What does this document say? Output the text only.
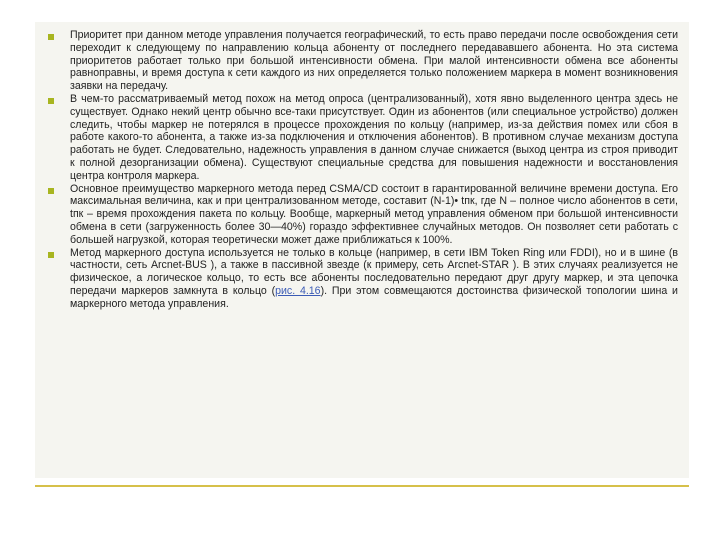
Приоритет при данном методе управления получается географический, то есть право передачи после освобождения сети переходит к следующему по направлению кольца абоненту от последнего передававшего абонента. Но эта система приоритетов работает только при большой интенсивности обмена. При малой интенсивности обмена все абоненты равноправны, и время доступа к сети каждого из них определяется только положением маркера в момент возникновения заявки на передачу.
В чем-то рассматриваемый метод похож на метод опроса (централизованный), хотя явно выделенного центра здесь не существует. Однако некий центр обычно все-таки присутствует. Один из абонентов (или специальное устройство) должен следить, чтобы маркер не потерялся в процессе прохождения по кольцу (например, из-за действия помех или сбоя в работе какого-то абонента, а также из-за подключения и отключения абонентов). В противном случае механизм доступа работать не будет. Следовательно, надежность управления в данном случае снижается (выход центра из строя приводит к полной дезорганизации обмена). Существуют специальные средства для повышения надежности и восстановления центра контроля маркера.
Основное преимущество маркерного метода перед CSMA/CD состоит в гарантированной величине времени доступа. Его максимальная величина, как и при централизованном методе, составит (N-1)• tпк, где N – полное число абонентов в сети, tпк – время прохождения пакета по кольцу. Вообще, маркерный метод управления обменом при большой интенсивности обмена в сети (загруженность более 30—40%) гораздо эффективнее случайных методов. Он позволяет сети работать с большей нагрузкой, которая теоретически может даже приближаться к 100%.
Метод маркерного доступа используется не только в кольце (например, в сети IBM Token Ring или FDDI), но и в шине (в частности, сеть Arcnet-BUS ), а также в пассивной звезде (к примеру, сеть Arcnet-STAR ). В этих случаях реализуется не физическое, а логическое кольцо, то есть все абоненты последовательно передают друг другу маркер, и эта цепочка передачи маркеров замкнута в кольцо (рис. 4.16). При этом совмещаются достоинства физической топологии шина и маркерного метода управления.
